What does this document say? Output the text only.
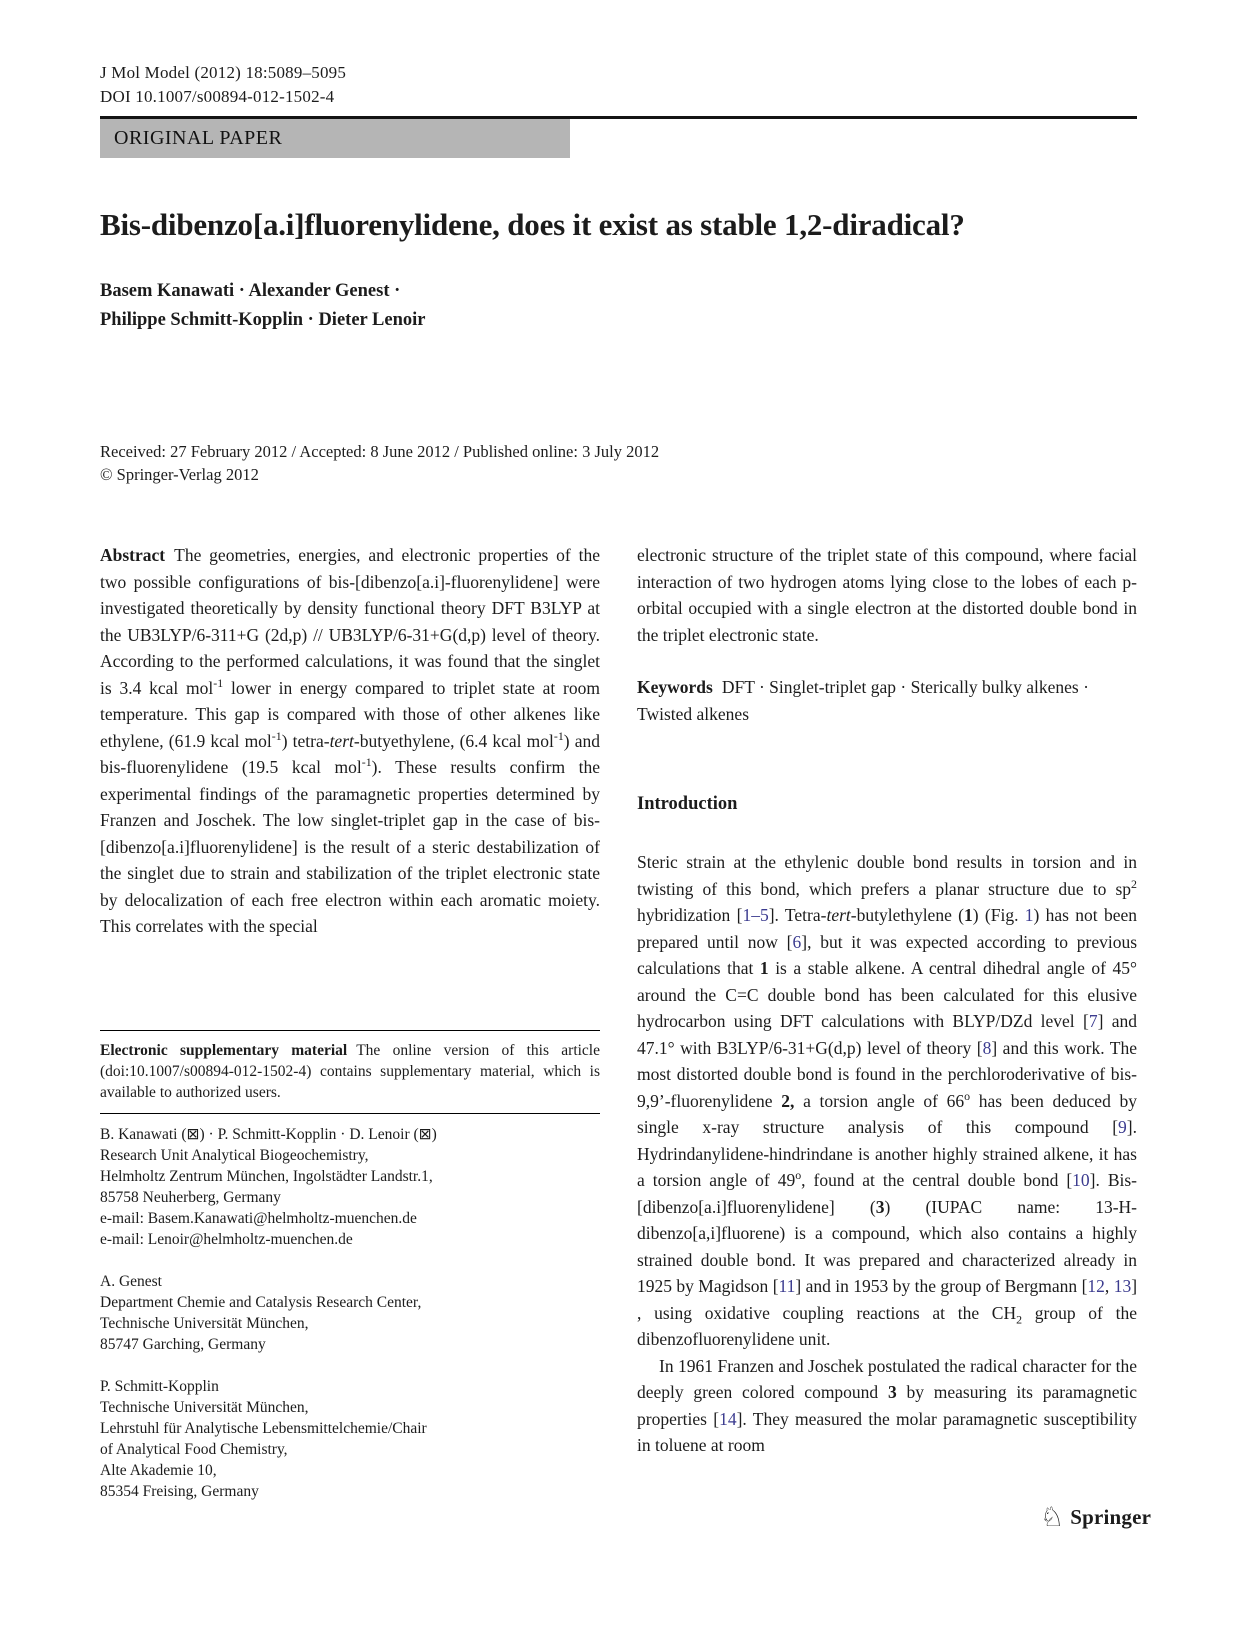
J Mol Model (2012) 18:5089–5095
DOI 10.1007/s00894-012-1502-4
ORIGINAL PAPER
Bis-dibenzo[a.i]fluorenylidene, does it exist as stable 1,2-diradical?
Basem Kanawati · Alexander Genest ·
Philippe Schmitt-Kopplin · Dieter Lenoir
Received: 27 February 2012 / Accepted: 8 June 2012 / Published online: 3 July 2012
© Springer-Verlag 2012

Abstract The geometries, energies, and electronic properties of the two possible configurations of bis-[dibenzo[a.i]-fluorenylidene] were investigated theoretically by density functional theory DFT B3LYP at the UB3LYP/6-311+G (2d,p) // UB3LYP/6-31+G(d,p) level of theory. According to the performed calculations, it was found that the singlet is 3.4 kcal mol$^{-1}$ lower in energy compared to triplet state at room temperature. This gap is compared with those of other alkenes like ethylene, (61.9 kcal mol$^{-1}$) tetra-tert-butyethylene, (6.4 kcal mol$^{-1}$) and bis-fluorenylidene (19.5 kcal mol$^{-1}$). These results confirm the experimental findings of the paramagnetic properties determined by Franzen and Joschek. The low singlet-triplet gap in the case of bis-[dibenzo[a.i]fluorenylidene] is the result of a steric destabilization of the singlet due to strain and stabilization of the triplet electronic state by delocalization of each free electron within each aromatic moiety. This correlates with the special

electronic structure of the triplet state of this compound, where facial interaction of two hydrogen atoms lying close to the lobes of each p-orbital occupied with a single electron at the distorted double bond in the triplet electronic state.

Keywords DFT · Singlet-triplet gap · Sterically bulky alkenes · Twisted alkenes

Introduction

Steric strain at the ethylenic double bond results in torsion and in twisting of this bond, which prefers a planar structure due to $sp^2$ hybridization [1–5]. Tetra-tert-butylethylene (1) (Fig. 1) has not been prepared until now [6], but it was expected according to previous calculations that 1 is a stable alkene. A central dihedral angle of 45° around the C=C double bond has been calculated for this elusive hydrocarbon using DFT calculations with BLYP/DZd level [7] and 47.1° with B3LYP/6-31+G(d,p) level of theory [8] and this work. The most distorted double bond is found in the perchloroderivative of bis-9,9’-fluorenylidene 2, a torsion angle of 66$^o$ has been deduced by single x-ray structure analysis of this compound [9]. Hydrindanylidene-hindrindane is another highly strained alkene, it has a torsion angle of 49$^o$, found at the central double bond [10]. Bis-[dibenzo[a.i]fluorenylidene] (3) (IUPAC name: 13-H-dibenzo[a,i]fluorene) is a compound, which also contains a highly strained double bond. It was prepared and characterized already in 1925 by Magidson [11] and in 1953 by the group of Bergmann [12, 13] , using oxidative coupling reactions at the $CH_2$ group of the dibenzofluorenylidene unit.

In 1961 Franzen and Joschek postulated the radical character for the deeply green colored compound 3 by measuring its paramagnetic properties [14]. They measured the molar paramagnetic susceptibility in toluene at room

Electronic supplementary material The online version of this article (doi:10.1007/s00894-012-1502-4) contains supplementary material, which is available to authorized users.
B. Kanawati (⊠) · P. Schmitt-Kopplin · D. Lenoir (⊠)
Research Unit Analytical Biogeochemistry,
Helmholtz Zentrum München, Ingolstädter Landstr.1,
85758 Neuherberg, Germany
e-mail: Basem.Kanawati@helmholtz-muenchen.de
e-mail: Lenoir@helmholtz-muenchen.de
A. Genest
Department Chemie and Catalysis Research Center,
Technische Universität München,
85747 Garching, Germany
P. Schmitt-Kopplin
Technische Universität München,
Lehrstuhl für Analytische Lebensmittelchemie/Chair
of Analytical Food Chemistry,
Alte Akademie 10,
85354 Freising, Germany
♘ Springer
